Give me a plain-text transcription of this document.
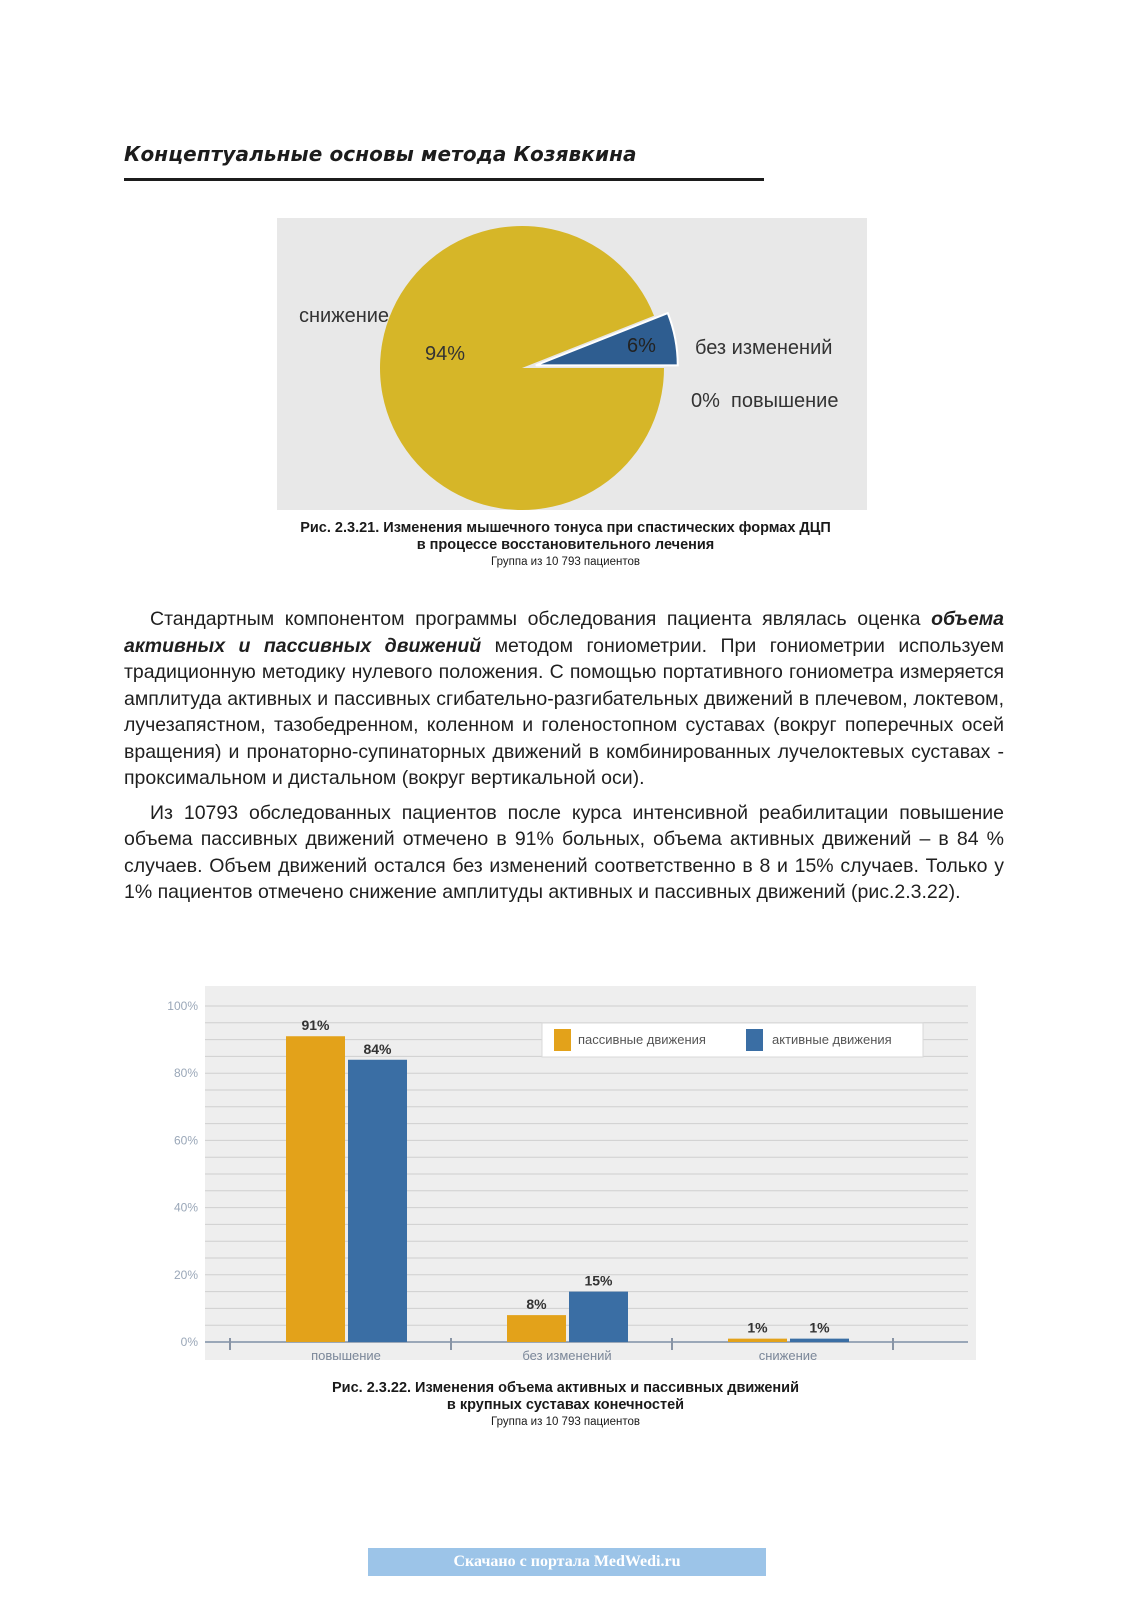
Концептуальные основы метода Козявкина
снижение
94%	6% без изменений
0% повышение
Рис. 2.3.21. Изменения мышечного тонуса при спастических формах ДЦП
в процессе восстановительного лечения
Группа из 10 793 пациентов

Стандартным компонентом программы обследования пациента являлась оценка объема активных и пассивных движений методом гониометрии. При гониометрии используем традиционную методику нулевого положения. С помощью портативного гониометра измеряется амплитуда активных и пассивных сгибательно-разгибательных движений в плечевом, локтевом, лучезапястном, тазобедренном, коленном и голеностопном суставах (вокруг поперечных осей вращения) и пронаторно-супинаторных движений в комбинированных лучелоктевых суставах - проксимальном и дистальном (вокруг вертикальной оси).

Из 10793 обследованных пациентов после курса интенсивной реабилитации повышение объема пассивных движений отмечено в 91% больных, объема активных движений – в 84 % случаев. Объем движений остался без изменений соответственно в 8 и 15% случаев. Только у 1% пациентов отмечено снижение амплитуды активных и пассивных движений (рис.2.3.22).

0%
20%
40%
60%
80%
100%
91%
84%
повышение
8%
15%
без изменений
1%	1%
снижение
пассивные движения	активные движения
Рис. 2.3.22. Изменения объема активных и пассивных движений
в крупных суставах конечностей
Группа из 10 793 пациентов
Скачано с портала MedWedi.ru
